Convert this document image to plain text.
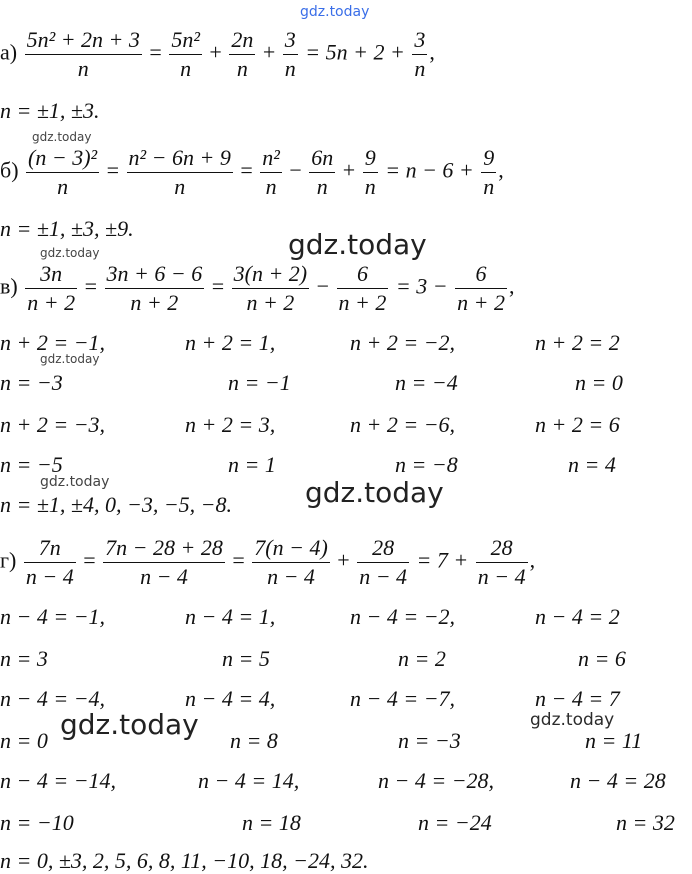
gdz.today
$а) \frac{\text{5n² + 2n + 3}}{n} = \frac{\text{5n²}}{n} + \frac{2n}{n} + \frac{3}{n} = 5n + 2 + \frac{3}{n}$ ,
n = ±1, ±3.
gdz.today
$б) \frac{\text{(n − 3)²}}{n} = \frac{\text{n² − 6n + 9}}{n} = \frac{\text{n²}}{n} - \frac{6n}{n} + \frac{9}{n} = n - 6 + \frac{9}{n}$ ,
n = ±1, ±3, ±9.
gdz.today	gdz.today
$в) \frac{3n}{n + 2} = \frac{3n + 6 - 6}{n + 2} = \frac{3(n + 2)}{n + 2} - \frac{6}{n + 2} = 3 - \frac{6}{n + 2}$ ,
n + 2 = −1,	n + 2 = 1,	n + 2 = −2,	n + 2 = 2
gdz.today
n = −3	n = −1	n = −4	n = 0
n + 2 = −3,	n + 2 = 3,	n + 2 = −6,	n + 2 = 6
n = −5	n = 1	n = −8	n = 4
gdz.today	gdz.today
n = ±1, ±4, 0, −3, −5, −8.
$г) \frac{7n}{n - 4} = \frac{7n - 28 + 28}{n - 4} = \frac{7(n - 4)}{n - 4} + \frac{28}{n - 4} = 7 + \frac{28}{n - 4}$ ,
n − 4 = −1,	n − 4 = 1,	n − 4 = −2,	n − 4 = 2
n = 3	n = 5	n = 2	n = 6
n − 4 = −4,	n − 4 = 4,	n − 4 = −7,	n − 4 = 7
gdz.today	gdz.today
n = 0	n = 8	n = −3	n = 11
n − 4 = −14,	n − 4 = 14,	n − 4 = −28,	n − 4 = 28
n = −10	n = 18	n = −24	n = 32
n = 0, ±3, 2, 5, 6, 8, 11, −10, 18, −24, 32.
